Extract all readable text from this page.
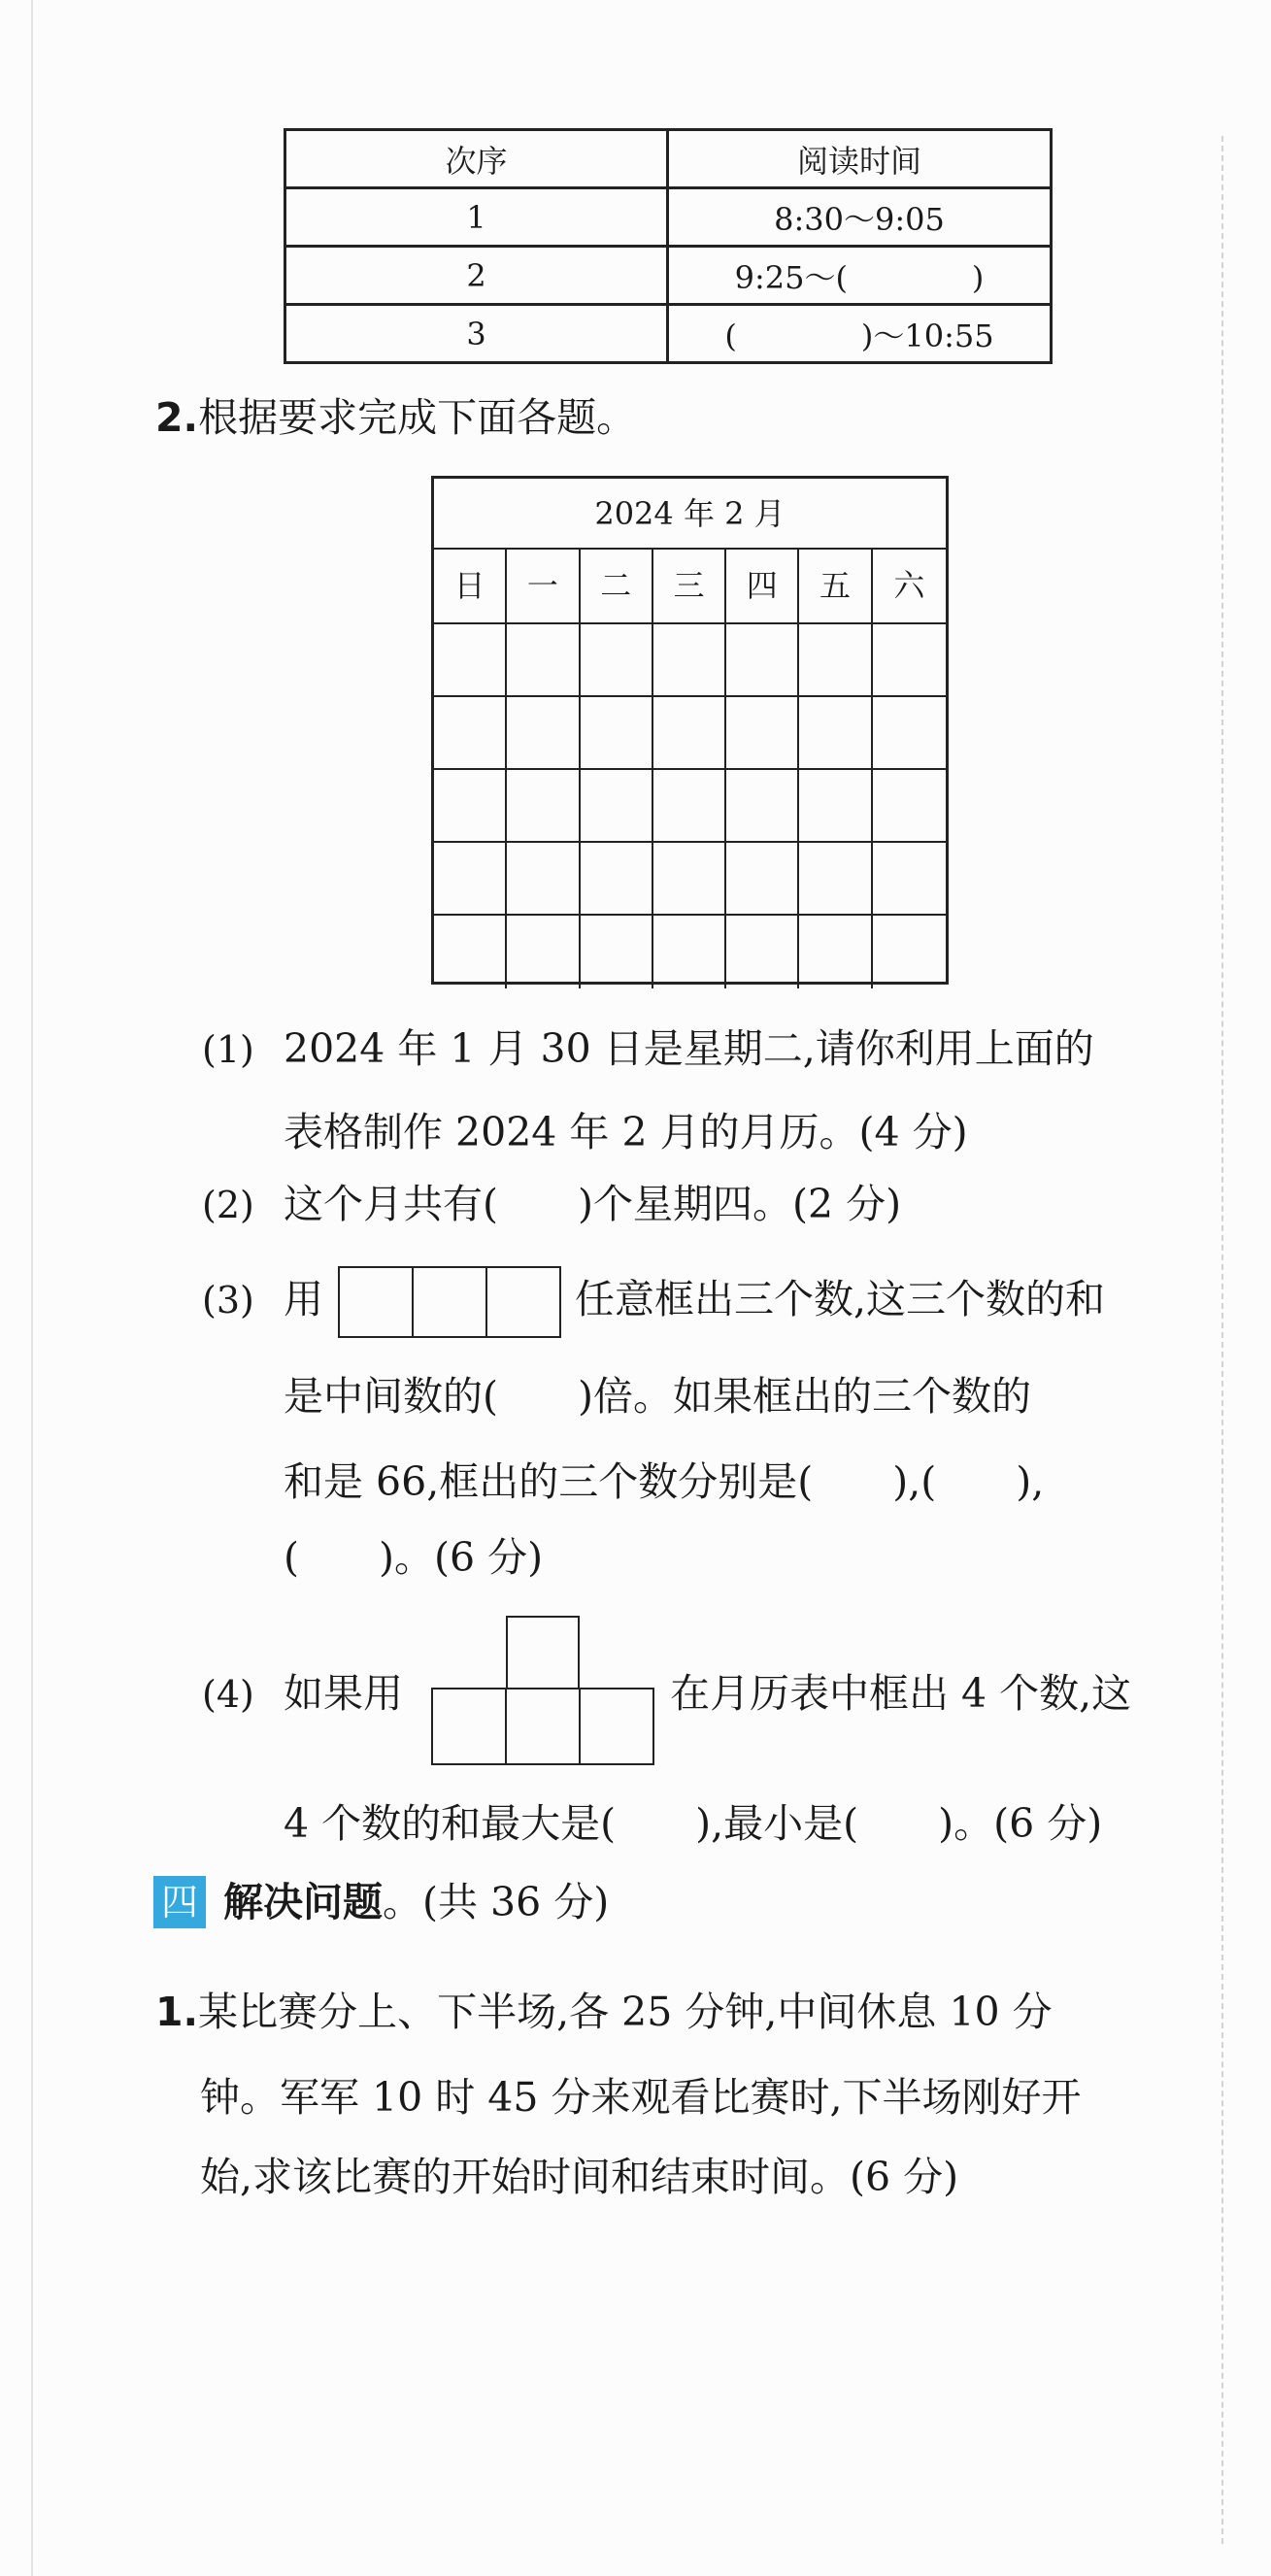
次序	阅读时间
1	8:30～9:05
2	9:25～(　　　　)
3	(　　　　)～10:55
2.根据要求完成下面各题。
2024 年 2 月
日	一	二	三	四	五	六
(1) 2024 年 1 月 30 日是星期二,请你利用上面的
表格制作 2024 年 2 月的月历。(4 分)
(2) 这个月共有(　　)个星期四。(2 分)
(3) 用	任意框出三个数,这三个数的和
是中间数的(　　)倍。如果框出的三个数的
和是 66,框出的三个数分别是(　　),(　　),
(　　)。(6 分)
(4) 如果用	在月历表中框出 4 个数,这
4 个数的和最大是(　　),最小是(　　)。(6 分)
四 解决问题。(共 36 分)
1.某比赛分上、下半场,各 25 分钟,中间休息 10 分
钟。军军 10 时 45 分来观看比赛时,下半场刚好开
始,求该比赛的开始时间和结束时间。(6 分)
